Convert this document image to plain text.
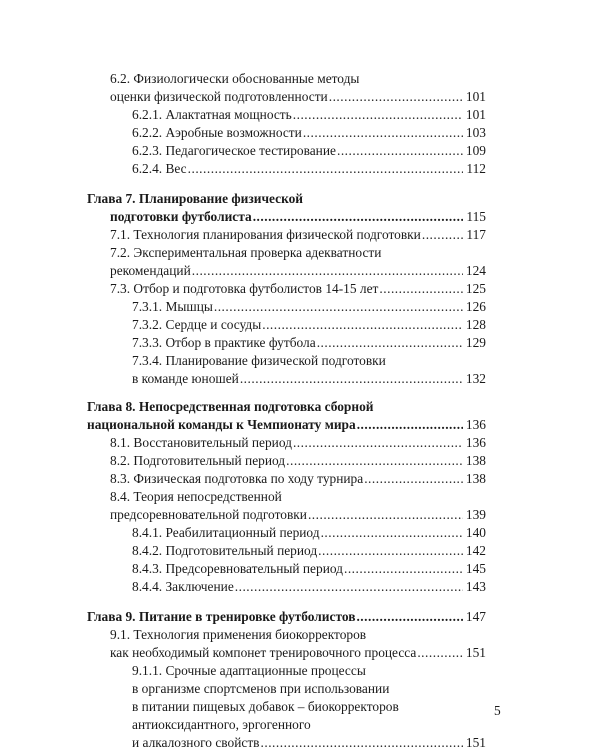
6.2. Физиологически обоснованные методы
оценки физической подготовленности .....	101
6.2.1. Алактатная мощность .....	101
6.2.2. Аэробные возможности .....	103
6.2.3. Педагогическое тестирование .....	109
6.2.4. Вес .....	112
Глава 7. Планирование физической
подготовки футболиста .....	115
7.1. Технология планирования физической подготовки .....	117
7.2. Экспериментальная проверка адекватности
рекомендаций .....	124
7.3. Отбор и подготовка футболистов 14-15 лет .....	125
7.3.1. Мышцы .....	126
7.3.2. Сердце и сосуды .....	128
7.3.3. Отбор в практике футбола .....	129
7.3.4. Планирование физической подготовки
в команде юношей .....	132
Глава 8. Непосредственная подготовка сборной
национальной команды к Чемпионату мира .....	136
8.1. Восстановительный период .....	136
8.2. Подготовительный период .....	138
8.3. Физическая подготовка по ходу турнира .....	138
8.4. Теория непосредственной
предсоревновательной подготовки .....	139
8.4.1. Реабилитационный период .....	140
8.4.2. Подготовительный период .....	142
8.4.3. Предсоревновательный период .....	145
8.4.4. Заключение .....	143
Глава 9. Питание в тренировке футболистов .....	147
9.1. Технология применения биокорректоров
как необходимый компонет тренировочного процесса .....	151
9.1.1. Срочные адаптационные процессы
в организме спортсменов при использовании
в питании пищевых добавок – биокорректоров
антиоксидантного, эргогенного
и алкалозного свойств .....	151
5
